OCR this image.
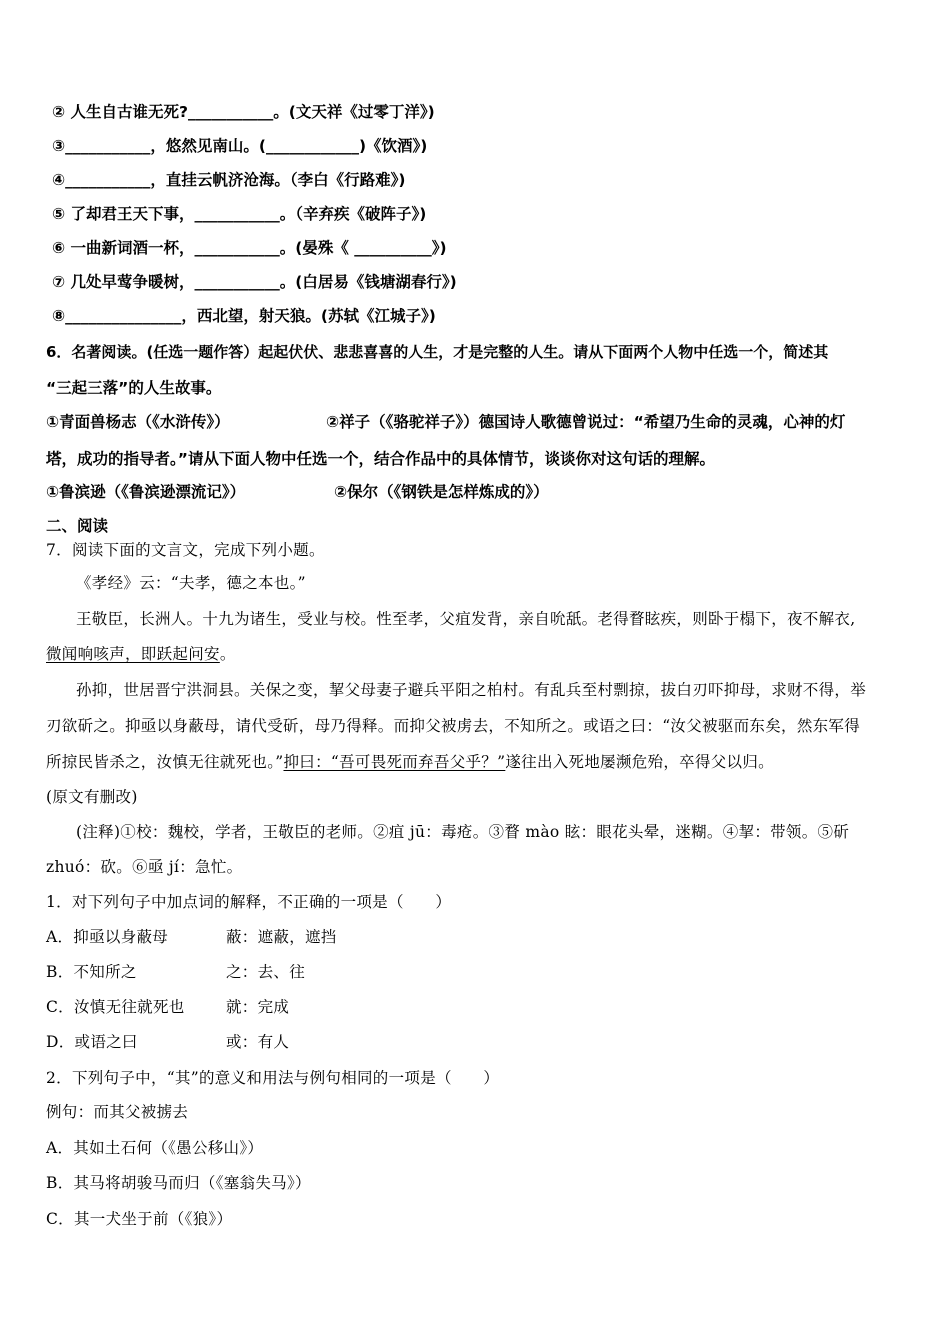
② 人生自古谁无死?___________。(文天祥《过零丁洋》)
③___________，悠然见南山。(____________)《饮酒》)
④___________，直挂云帆济沧海。（李白《行路难》)
⑤ 了却君王天下事，___________。（辛弃疾《破阵子》)
⑥ 一曲新词酒一杯，___________。(晏殊《 __________》)
⑦ 几处早莺争暖树，___________。(白居易《钱塘湖春行》)
⑧_______________，西北望，射天狼。(苏轼《江城子》)
6．名著阅读。(任选一题作答）起起伏伏、悲悲喜喜的人生，才是完整的人生。请从下面两个人物中任选一个，简述其
“三起三落”的人生故事。
①青面兽杨志（《水浒传》）	②祥子（《骆驼祥子》）德国诗人歌德曾说过：“希望乃生命的灵魂，心神的灯
塔，成功的指导者。”请从下面人物中任选一个，结合作品中的具体情节，谈谈你对这句话的理解。
①鲁滨逊（《鲁滨逊漂流记》）	②保尔（《钢铁是怎样炼成的》）
二、阅读
7．阅读下面的文言文，完成下列小题。
《孝经》云：“夫孝，德之本也。”
王敬臣，长洲人。十九为诸生，受业与校。性至孝，父疽发背，亲自吮舐。老得瞀眩疾，则卧于榻下，夜不解衣,
微闻响咳声，即跃起问安。
孙抑，世居晋宁洪洞县。关保之变，挈父母妻子避兵平阳之柏村。有乱兵至村剽掠，拔白刃吓抑母，求财不得，举
刃欲斫之。抑亟以身蔽母，请代受斫，母乃得释。而抑父被虏去，不知所之。或语之曰：“汝父被驱而东矣，然东军得
所掠民皆杀之，汝慎无往就死也。”抑曰：“吾可畏死而弃吾父乎？”遂往出入死地屡濒危殆，卒得父以归。
(原文有删改)
(注释)①校：魏校，学者，王敬臣的老师。②疽 jū：毒疮。③瞀 mào 眩：眼花头晕，迷糊。④挈：带领。⑤斫
zhuó：砍。⑥亟 jí：急忙。
1．对下列句子中加点词的解释，不正确的一项是（　　）
A．抑亟以身蔽母	蔽：遮蔽，遮挡
B．不知所之	之：去、往
C．汝慎无往就死也	就：完成
D．或语之曰	或：有人
2．下列句子中，“其”的意义和用法与例句相同的一项是（　　）
例句：而其父被掳去
A．其如土石何（《愚公移山》）
B．其马将胡骏马而归（《塞翁失马》）
C．其一犬坐于前（《狼》）
